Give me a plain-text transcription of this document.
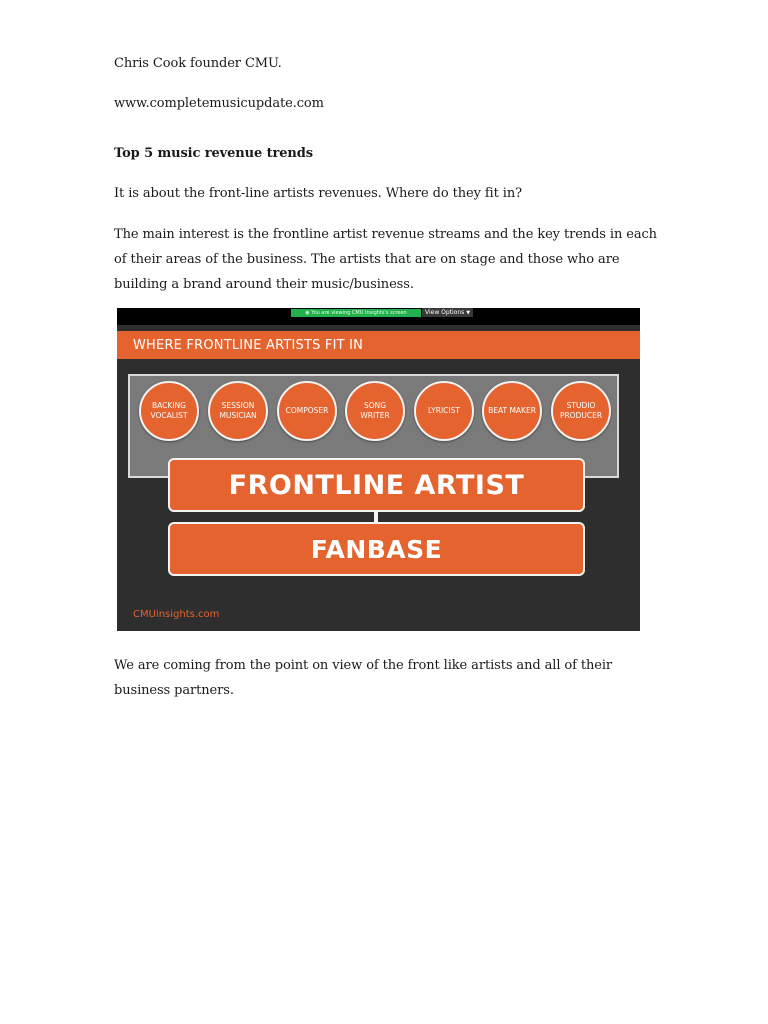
Chris Cook founder CMU.
www.completemusicupdate.com
Top 5 music revenue trends
It is about the front-line artists revenues. Where do they fit in?
The main interest is the frontline artist revenue streams and the key trends in each
of their areas of the business. The artists that are on stage and those who are
building a brand around their music/business.
We are coming from the point on view of the front like artists and all of their
business partners.
◉ You are viewing CMU Insights's screen	View Options ▼
WHERE FRONTLINE ARTISTS FIT IN
BACKING VOCALIST
SESSION MUSICIAN
COMPOSER
SONG WRITER
LYRICIST	BEAT MAKER
STUDIO PRODUCER
FRONTLINE ARTIST
FANBASE
CMUinsights.com
